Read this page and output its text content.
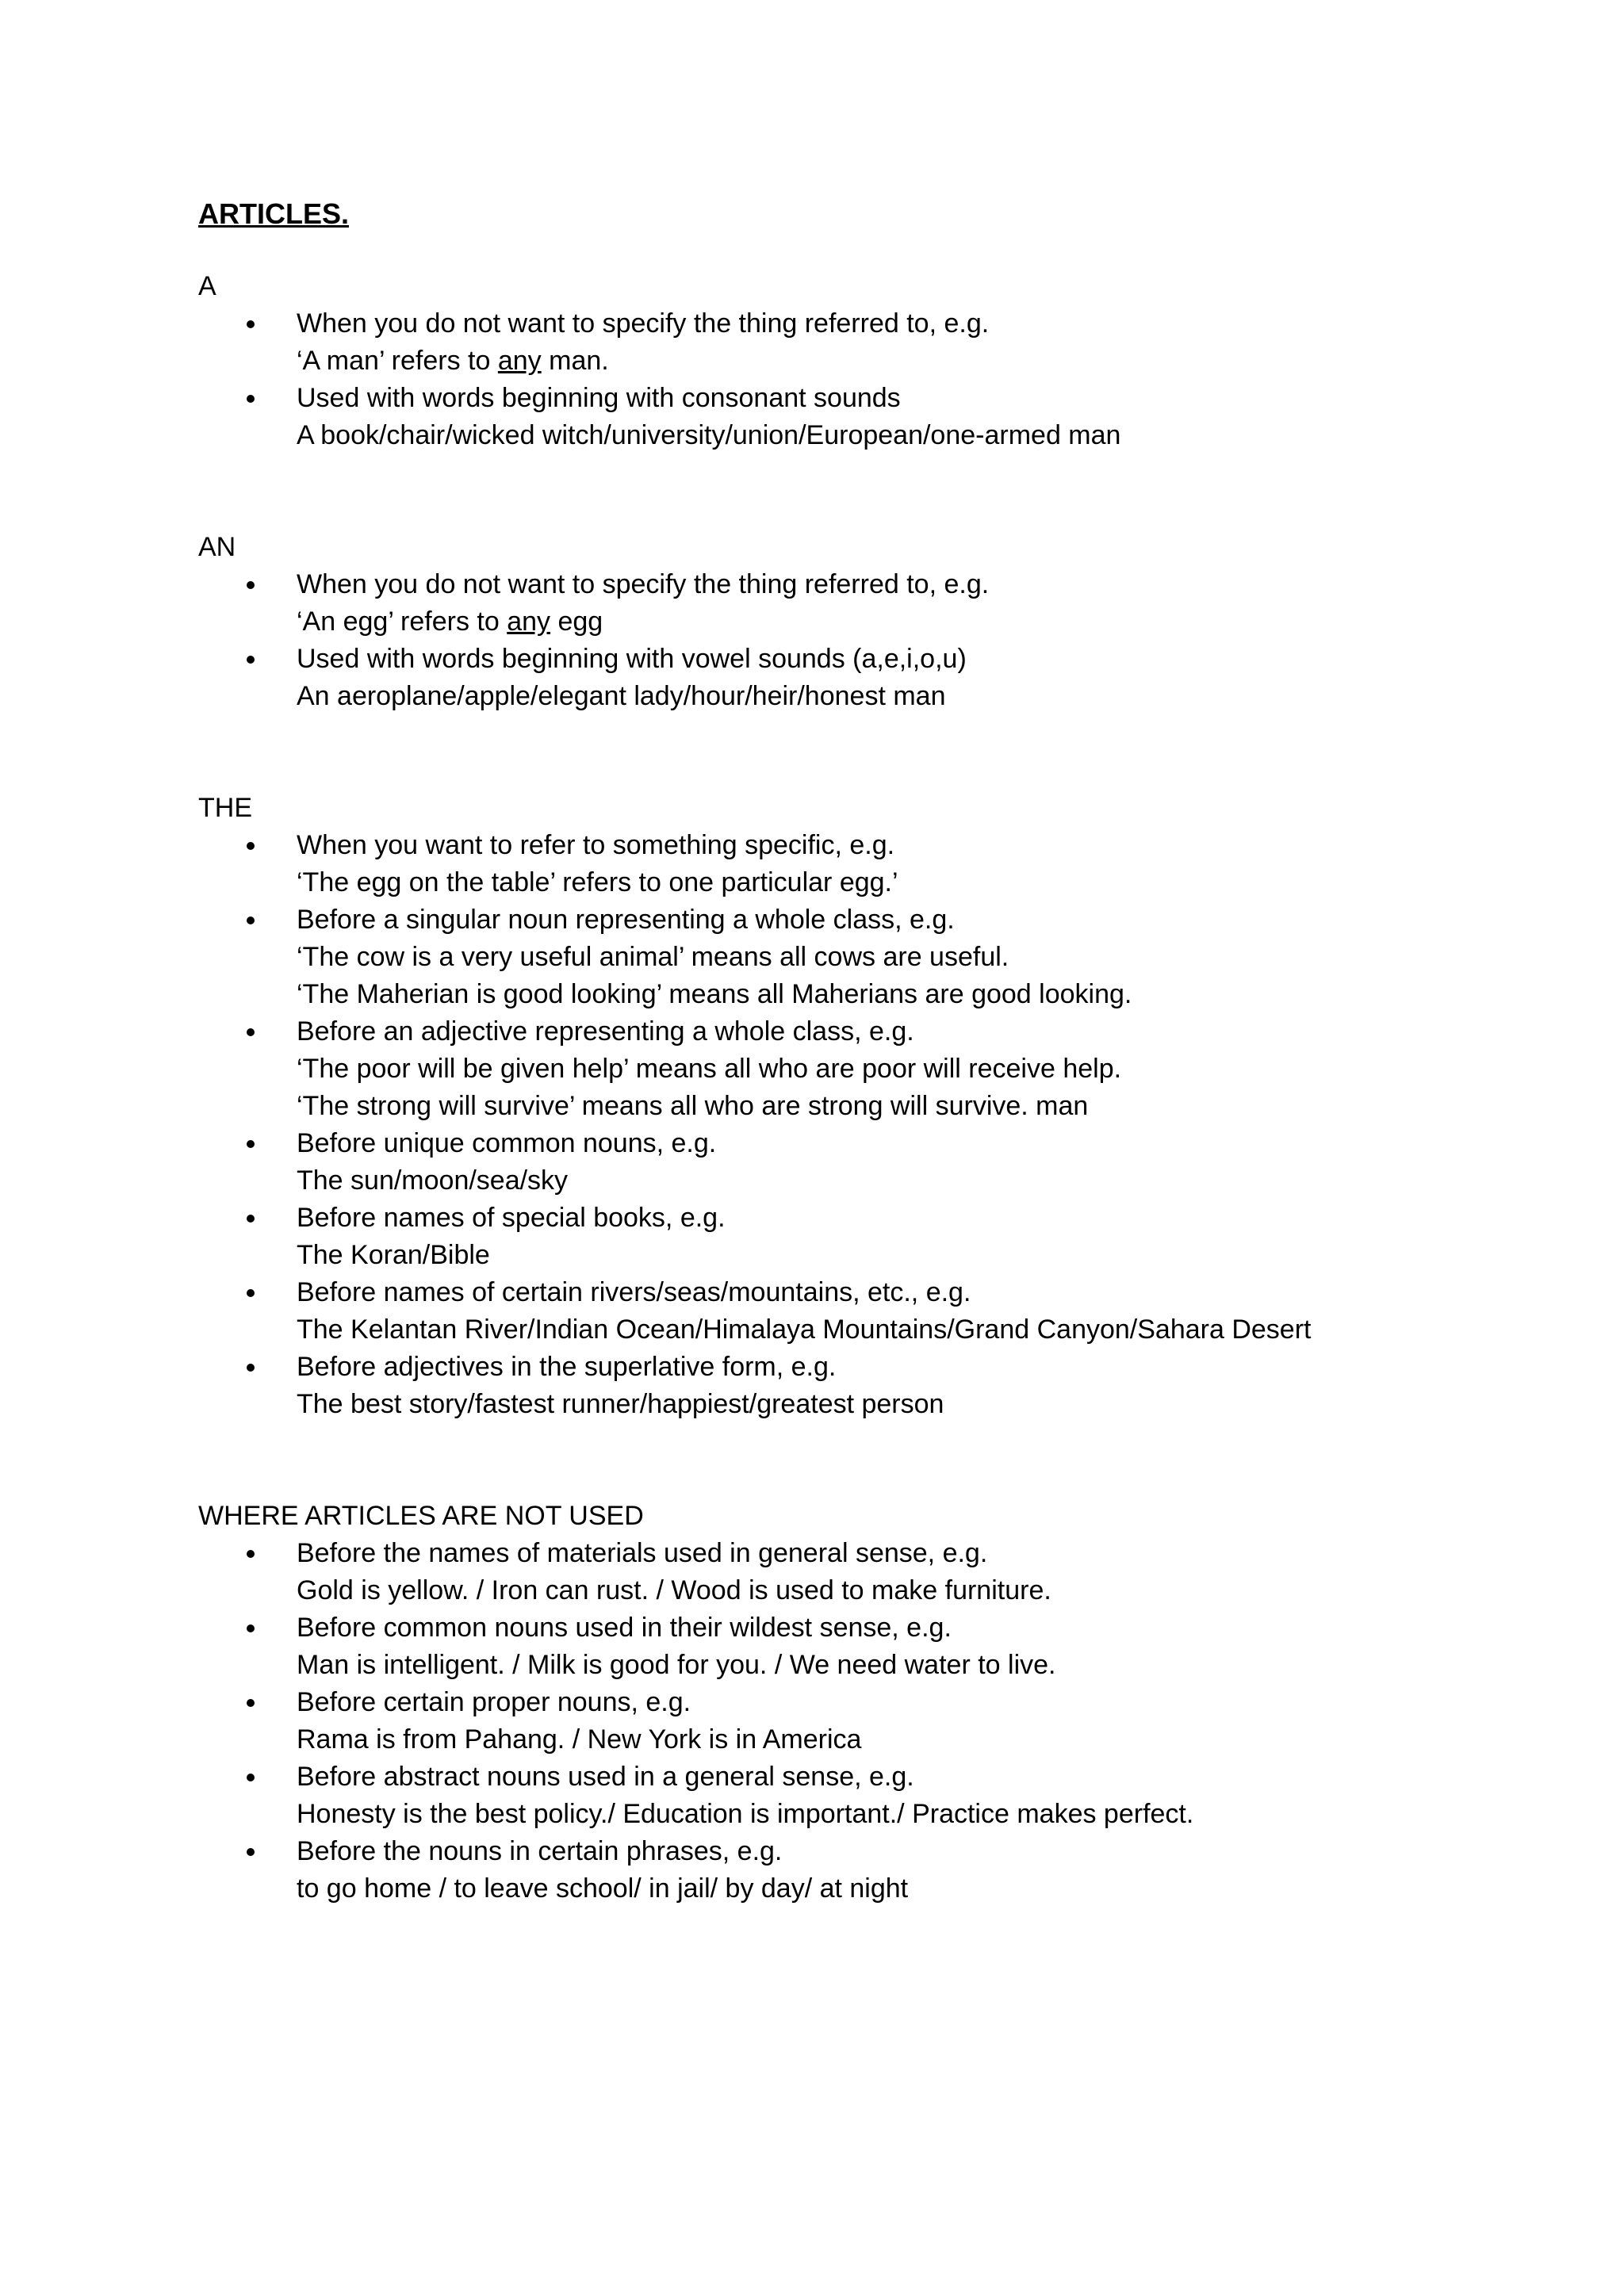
ARTICLES.
A
When you do not want to specify the thing referred to, e.g.
‘A man’ refers to any man.
Used with words beginning with consonant sounds
A book/chair/wicked witch/university/union/European/one-armed man
AN
When you do not want to specify the thing referred to, e.g.
‘An egg’ refers to any egg
Used with words beginning with vowel sounds (a,e,i,o,u)
An aeroplane/apple/elegant lady/hour/heir/honest man
THE
When you want to refer to something specific, e.g.
‘The egg on the table’ refers to one particular egg.’
Before a singular noun representing a whole class, e.g.
‘The cow is a very useful animal’ means all cows are useful.
‘The Maherian is good looking’ means all Maherians are good looking.
Before an adjective representing a whole class, e.g.
‘The poor will be given help’ means all who are poor will receive help.
‘The strong will survive’ means all who are strong will survive. man
Before unique common nouns, e.g.
The sun/moon/sea/sky
Before names of special books, e.g.
The Koran/Bible
Before names of certain rivers/seas/mountains, etc., e.g.
The Kelantan River/Indian Ocean/Himalaya Mountains/Grand Canyon/Sahara Desert
Before adjectives in the superlative form, e.g.
The best story/fastest runner/happiest/greatest person
WHERE ARTICLES ARE NOT USED
Before the names of materials used in general sense, e.g.
Gold is yellow. / Iron can rust. / Wood is used to make furniture.
Before common nouns used in their wildest sense, e.g.
Man is intelligent. / Milk is good for you. / We need water to live.
Before certain proper nouns, e.g.
Rama is from Pahang. / New York is in America
Before abstract nouns used in a general sense, e.g.
Honesty is the best policy./ Education is important./ Practice makes perfect.
Before the nouns in certain phrases, e.g.
to go home / to leave school/ in jail/ by day/ at night
